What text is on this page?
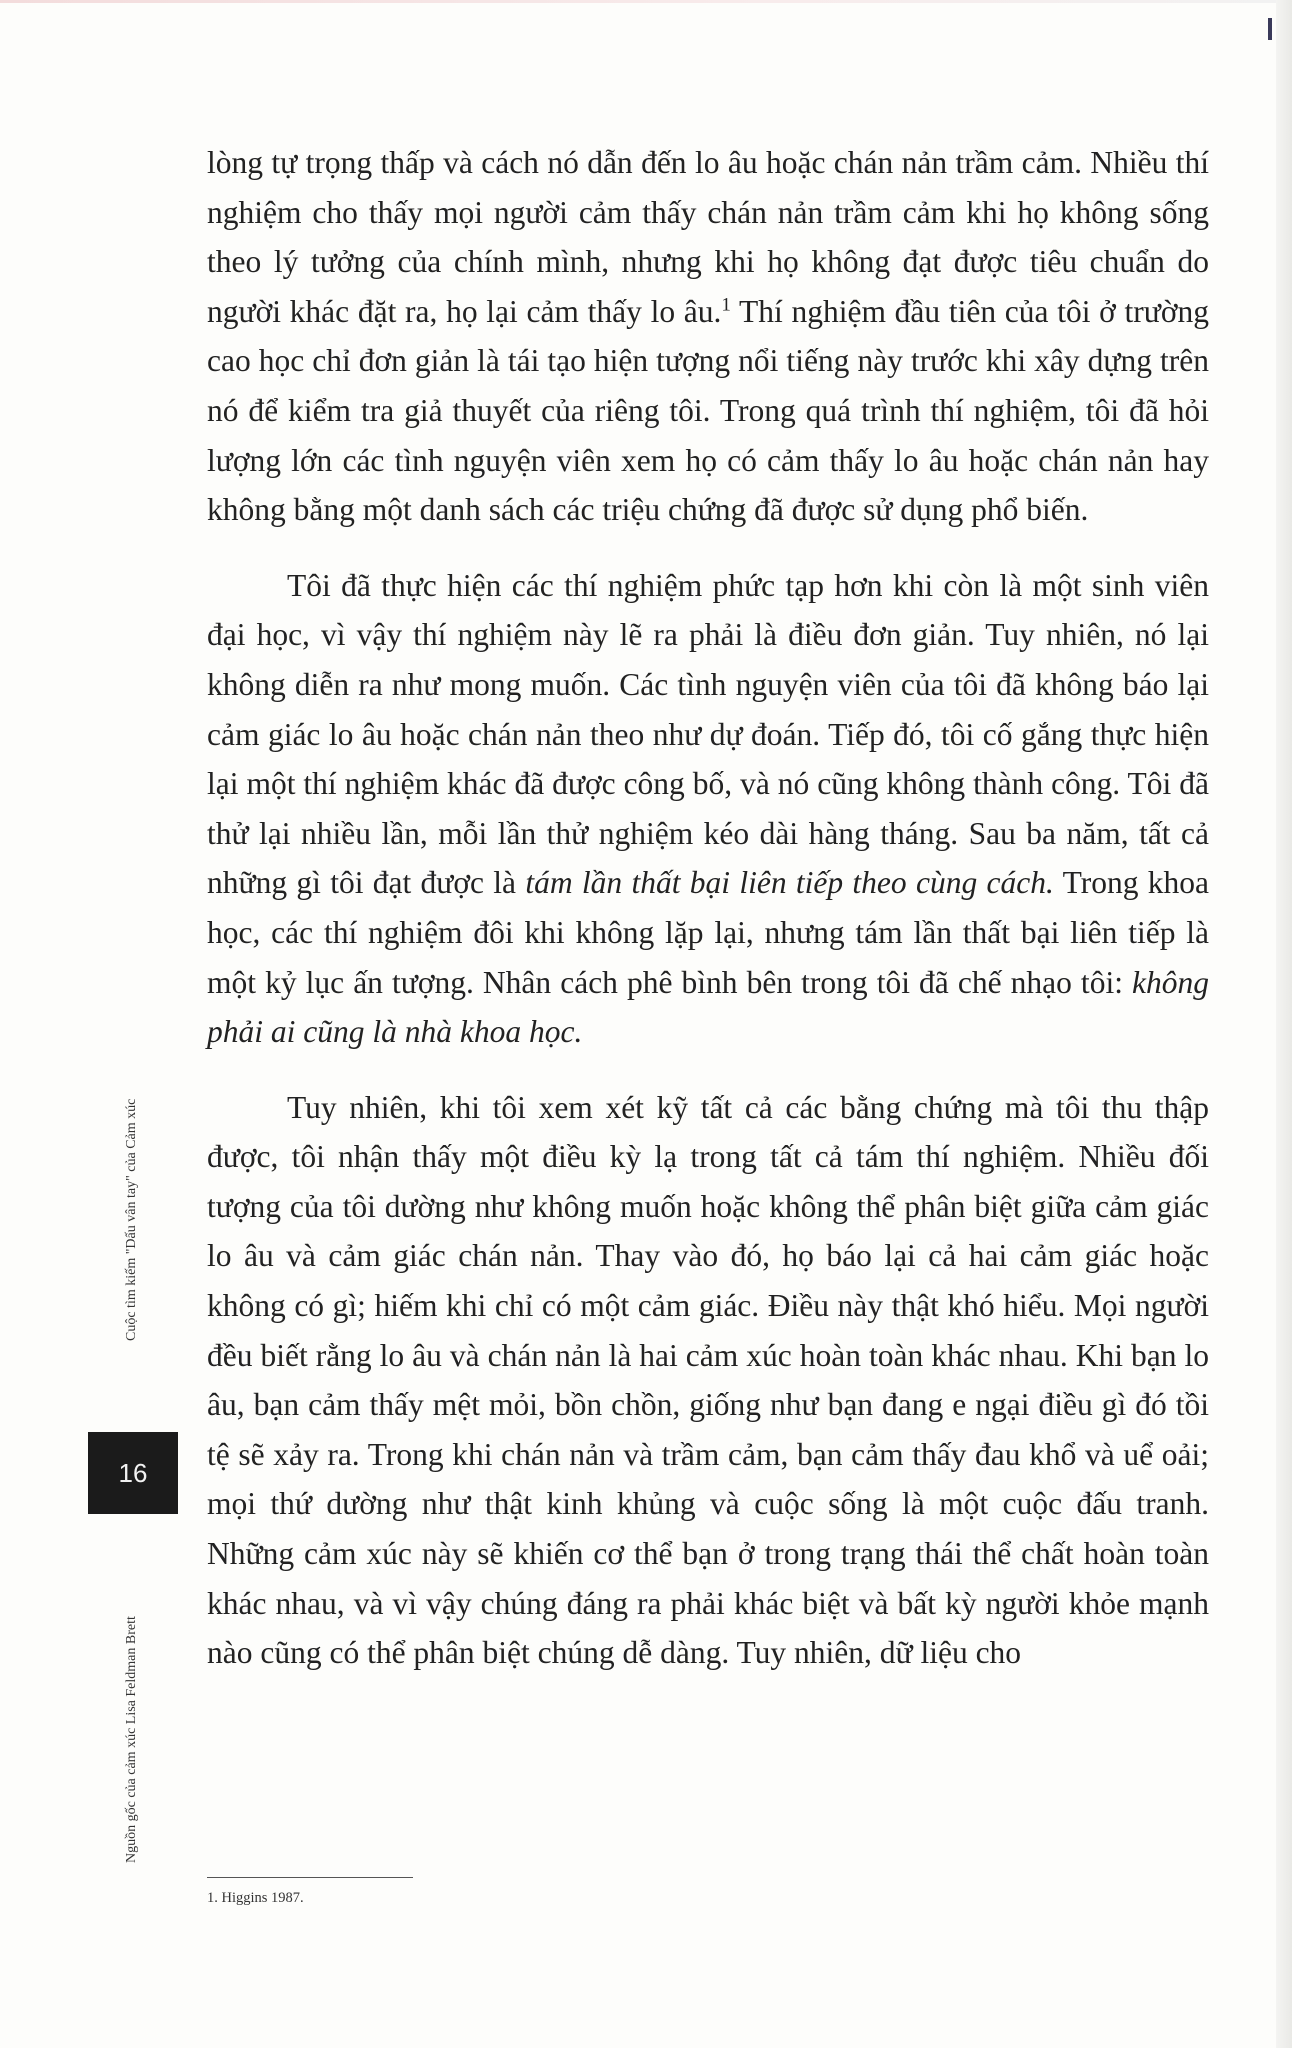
lòng tự trọng thấp và cách nó dẫn đến lo âu hoặc chán nản trầm cảm. Nhiều thí nghiệm cho thấy mọi người cảm thấy chán nản trầm cảm khi họ không sống theo lý tưởng của chính mình, nhưng khi họ không đạt được tiêu chuẩn do người khác đặt ra, họ lại cảm thấy lo âu.$^1$ Thí nghiệm đầu tiên của tôi ở trường cao học chỉ đơn giản là tái tạo hiện tượng nổi tiếng này trước khi xây dựng trên nó để kiểm tra giả thuyết của riêng tôi. Trong quá trình thí nghiệm, tôi đã hỏi lượng lớn các tình nguyện viên xem họ có cảm thấy lo âu hoặc chán nản hay không bằng một danh sách các triệu chứng đã được sử dụng phổ biến.

Tôi đã thực hiện các thí nghiệm phức tạp hơn khi còn là một sinh viên đại học, vì vậy thí nghiệm này lẽ ra phải là điều đơn giản. Tuy nhiên, nó lại không diễn ra như mong muốn. Các tình nguyện viên của tôi đã không báo lại cảm giác lo âu hoặc chán nản theo như dự đoán. Tiếp đó, tôi cố gắng thực hiện lại một thí nghiệm khác đã được công bố, và nó cũng không thành công. Tôi đã thử lại nhiều lần, mỗi lần thử nghiệm kéo dài hàng tháng. Sau ba năm, tất cả những gì tôi đạt được là tám lần thất bại liên tiếp theo cùng cách. Trong khoa học, các thí nghiệm đôi khi không lặp lại, nhưng tám lần thất bại liên tiếp là một kỷ lục ấn tượng. Nhân cách phê bình bên trong tôi đã chế nhạo tôi: không phải ai cũng là nhà khoa học.

Tuy nhiên, khi tôi xem xét kỹ tất cả các bằng chứng mà tôi thu thập được, tôi nhận thấy một điều kỳ lạ trong tất cả tám thí nghiệm. Nhiều đối tượng của tôi dường như không muốn hoặc không thể phân biệt giữa cảm giác lo âu và cảm giác chán nản. Thay vào đó, họ báo lại cả hai cảm giác hoặc không có gì; hiếm khi chỉ có một cảm giác. Điều này thật khó hiểu. Mọi người đều biết rằng lo âu và chán nản là hai cảm xúc hoàn toàn khác nhau. Khi bạn lo âu, bạn cảm thấy mệt mỏi, bồn chồn, giống như bạn đang e ngại điều gì đó tồi tệ sẽ xảy ra. Trong khi chán nản và trầm cảm, bạn cảm thấy đau khổ và uể oải; mọi thứ dường như thật kinh khủng và cuộc sống là một cuộc đấu tranh. Những cảm xúc này sẽ khiến cơ thể bạn ở trong trạng thái thể chất hoàn toàn khác nhau, và vì vậy chúng đáng ra phải khác biệt và bất kỳ người khỏe mạnh nào cũng có thể phân biệt chúng dễ dàng. Tuy nhiên, dữ liệu cho

Cuộc tìm kiếm "Dấu vân tay" của Cảm xúc
16
Nguồn gốc của cảm xúc Lisa Feldman Brett
1. Higgins 1987.
